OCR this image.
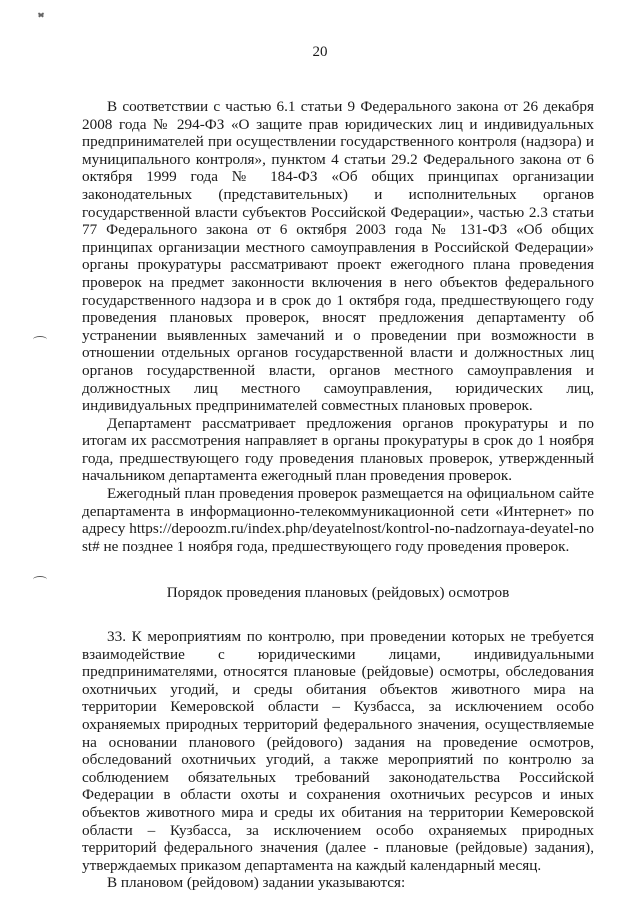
20

В соответствии с частью 6.1 статьи 9 Федерального закона от 26 декабря 2008 года № 294-ФЗ «О защите прав юридических лиц и индивидуальных предпринимателей при осуществлении государственного контроля (надзора) и муниципального контроля», пунктом 4 статьи 29.2 Федерального закона от 6 октября 1999 года № 184-ФЗ «Об общих принципах организации законодательных (представительных) и исполнительных органов государственной власти субъектов Российской Федерации», частью 2.3 статьи 77 Федерального закона от 6 октября 2003 года № 131-ФЗ «Об общих принципах организации местного самоуправления в Российской Федерации» органы прокуратуры рассматривают проект ежегодного плана проведения проверок на предмет законности включения в него объектов федерального государственного надзора и в срок до 1 октября года, предшествующего году проведения плановых проверок, вносят предложения департаменту об устранении выявленных замечаний и о проведении при возможности в отношении отдельных органов государственной власти и должностных лиц органов государственной власти, органов местного самоуправления и должностных лиц местного самоуправления, юридических лиц, индивидуальных предпринимателей совместных плановых проверок.

Департамент рассматривает предложения органов прокуратуры и по итогам их рассмотрения направляет в органы прокуратуры в срок до 1 ноября года, предшествующего году проведения плановых проверок, утвержденный начальником департамента ежегодный план проведения проверок.

Ежегодный план проведения проверок размещается на официальном сайте департамента в информационно-телекоммуникационной сети «Интернет» по адресу https://depoozm.ru/index.php/deyatelnost/kontrol-no-nadzornaya-deyatel-nost# не позднее 1 ноября года, предшествующего году проведения проверок.

Порядок проведения плановых (рейдовых) осмотров

33. К мероприятиям по контролю, при проведении которых не требуется взаимодействие с юридическими лицами, индивидуальными предпринимателями, относятся плановые (рейдовые) осмотры, обследования охотничьих угодий, и среды обитания объектов животного мира на территории Кемеровской области – Кузбасса, за исключением особо охраняемых природных территорий федерального значения, осуществляемые на основании планового (рейдового) задания на проведение осмотров, обследований охотничьих угодий, а также мероприятий по контролю за соблюдением обязательных требований законодательства Российской Федерации в области охоты и сохранения охотничьих ресурсов и иных объектов животного мира и среды их обитания на территории Кемеровской области – Кузбасса, за исключением особо охраняемых природных территорий федерального значения (далее - плановые (рейдовые) задания), утверждаемых приказом департамента на каждый календарный месяц.

В плановом (рейдовом) задании указываются:
